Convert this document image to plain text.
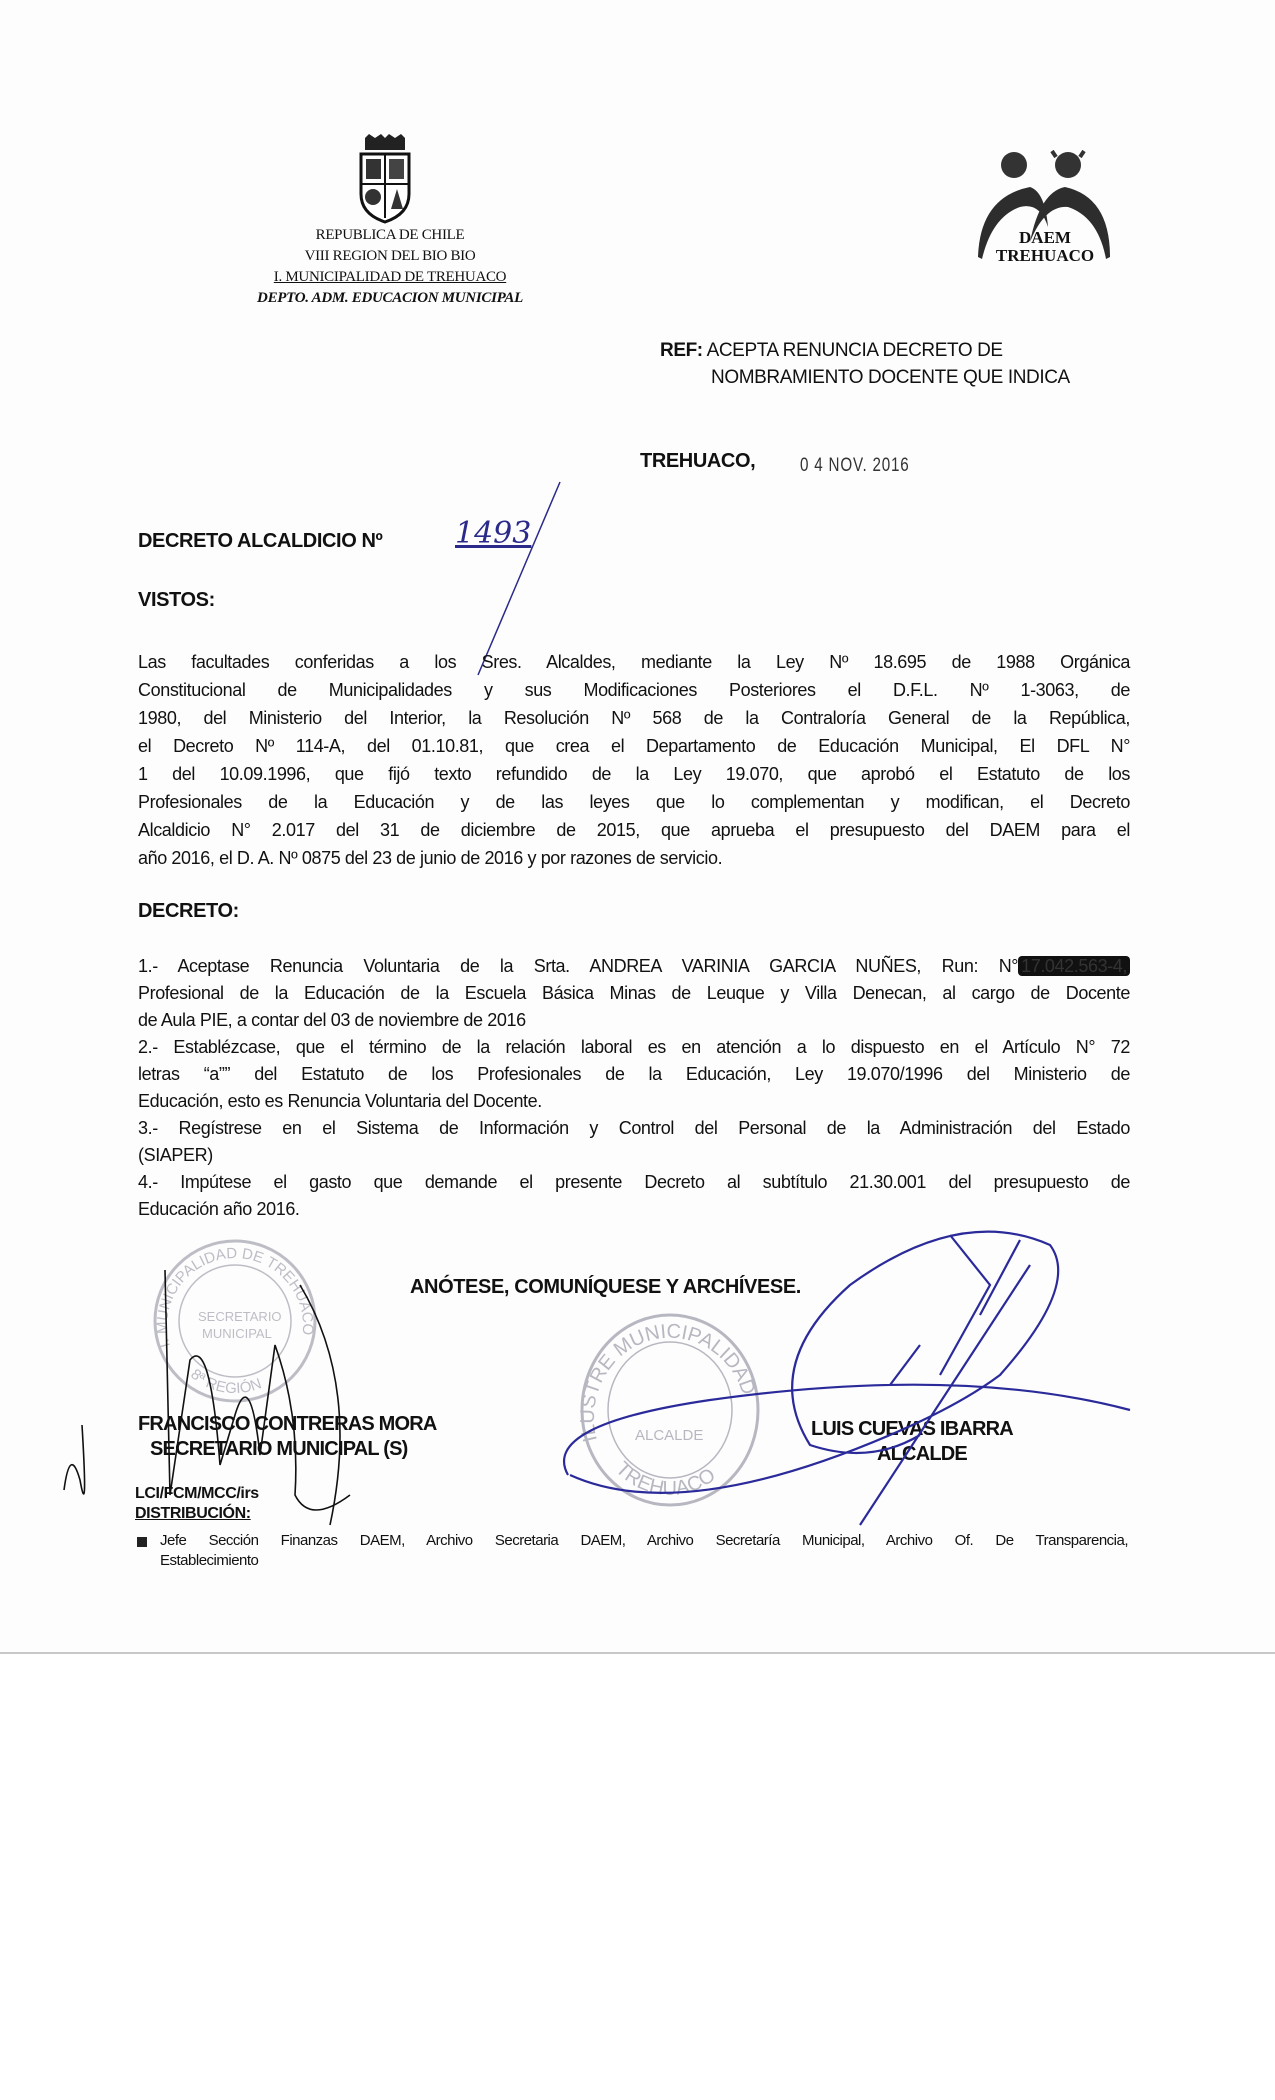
REPUBLICA DE CHILE
VIII REGION DEL BIO BIO
I. MUNICIPALIDAD DE TREHUACO
DEPTO. ADM. EDUCACION MUNICIPAL
DAEM
TREHUACO
REF: ACEPTA RENUNCIA DECRETO DE
NOMBRAMIENTO DOCENTE QUE INDICA
TREHUACO, 0 4 NOV. 2016
DECRETO ALCALDICIO Nº 1493
VISTOS:
Las facultades conferidas a los Sres. Alcaldes, mediante la Ley Nº 18.695 de 1988 Orgánica
Constitucional de Municipalidades y sus Modificaciones Posteriores el D.F.L. Nº 1-3063, de
1980, del Ministerio del Interior, la Resolución Nº 568 de la Contraloría General de la República,
el Decreto Nº 114-A, del 01.10.81, que crea el Departamento de Educación Municipal, El DFL N°
1 del 10.09.1996, que fijó texto refundido de la Ley 19.070, que aprobó el Estatuto de los
Profesionales de la Educación y de las leyes que lo complementan y modifican, el Decreto
Alcaldicio N° 2.017 del 31 de diciembre de 2015, que aprueba el presupuesto del DAEM para el
año 2016, el D. A. Nº 0875 del 23 de junio de 2016 y por razones de servicio.
DECRETO:
1.- Aceptase Renuncia Voluntaria de la Srta. ANDREA VARINIA GARCIA NUÑES, Run: N° 17.042.563-4,
Profesional de la Educación de la Escuela Básica Minas de Leuque y Villa Denecan, al cargo de Docente
de Aula PIE, a contar del 03 de noviembre de 2016
2.- Establézcase, que el término de la relación laboral es en atención a lo dispuesto en el Artículo N° 72
letras “a”” del Estatuto de los Profesionales de la Educación, Ley 19.070/1996 del Ministerio de
Educación, esto es Renuncia Voluntaria del Docente.
3.- Regístrese en el Sistema de Información y Control del Personal de la Administración del Estado
(SIAPER)
4.- Impútese el gasto que demande el presente Decreto al subtítulo 21.30.001 del presupuesto de
Educación año 2016.
ANÓTESE, COMUNÍQUESE Y ARCHÍVESE.
I. MUNICIPALIDAD DE TREHUACO
SECRETARIO
MUNICIPAL
8ª REGIÓN
ILUSTRE MUNICIPALIDAD
ALCALDE
TREHUACO
FRANCISCO CONTRERAS MORA
SECRETARIO MUNICIPAL (S)
LUIS CUEVAS IBARRA
ALCALDE
LCI/FCM/MCC/irs
DISTRIBUCIÓN:
Jefe Sección Finanzas DAEM, Archivo Secretaria DAEM, Archivo Secretaría Municipal, Archivo Of. De Transparencia,
Establecimiento
